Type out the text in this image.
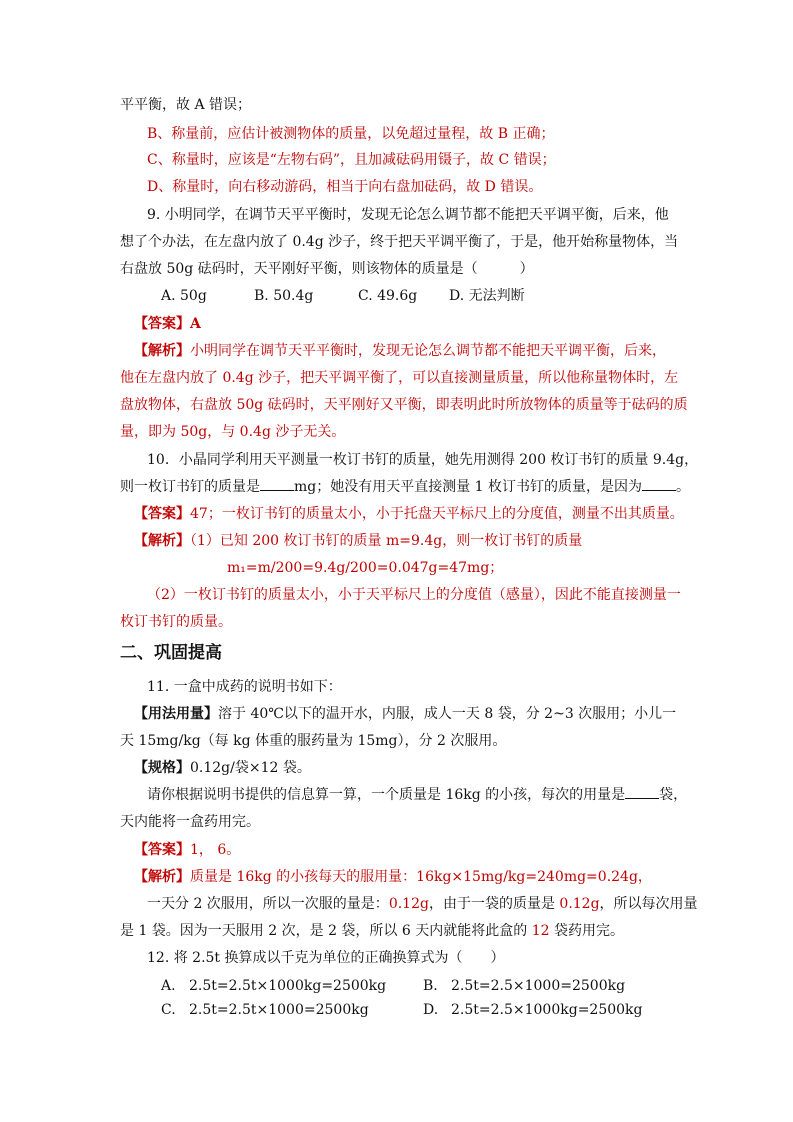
平平衡，故 A 错误；
B、称量前，应估计被测物体的质量，以免超过量程，故 B 正确；
C、称量时，应该是“左物右码”，且加减砝码用镊子，故 C 错误；
D、称量时，向右移动游码，相当于向右盘加砝码，故 D 错误。
9. 小明同学，在调节天平平衡时，发现无论怎么调节都不能把天平调平衡，后来，他
想了个办法，在左盘内放了 0.4g 沙子，终于把天平调平衡了，于是，他开始称量物体，当
右盘放 50g 砝码时，天平刚好平衡，则该物体的质量是（　　　）
A. 50g	B. 50.4g	C. 49.6g D. 无法判断
【答案】A
【解析】小明同学在调节天平平衡时，发现无论怎么调节都不能把天平调平衡，后来，
他在左盘内放了 0.4g 沙子，把天平调平衡了，可以直接测量质量，所以他称量物体时，左
盘放物体，右盘放 50g 砝码时，天平刚好又平衡，即表明此时所放物体的质量等于砝码的质
量，即为 50g，与 0.4g 沙子无关。
10．小晶同学利用天平测量一枚订书钉的质量，她先用测得 200 枚订书钉的质量 9.4g，
则一枚订书钉的质量是 mg；她没有用天平直接测量 1 枚订书钉的质量，是因为 。
【答案】47；一枚订书钉的质量太小，小于托盘天平标尺上的分度值，测量不出其质量。
【解析】（1）已知 200 枚订书钉的质量 m=9.4g，则一枚订书钉的质量
m₁=m/200=9.4g/200=0.047g=47mg；
（2）一枚订书钉的质量太小，小于天平标尺上的分度值（感量），因此不能直接测量一
枚订书钉的质量。
二、巩固提高
11. 一盒中成药的说明书如下：
【用法用量】溶于 40℃以下的温开水，内服，成人一天 8 袋，分 2~3 次服用；小儿一
天 15mg/kg（每 kg 体重的服药量为 15mg），分 2 次服用。
【规格】0.12g/袋×12 袋。
请你根据说明书提供的信息算一算，一个质量是 16kg 的小孩，每次的用量是 袋，
天内能将一盒药用完。
【答案】1， 6。
【解析】质量是 16kg 的小孩每天的服用量：16kg×15mg/kg=240mg=0.24g，
一天分 2 次服用，所以一次服的量是：0.12g，由于一袋的质量是 0.12g，所以每次用量
是 1 袋。因为一天服用 2 次，是 2 袋，所以 6 天内就能将此盒的 12 袋药用完。
12. 将 2.5t 换算成以千克为单位的正确换算式为（　　）
A. 2.5t=2.5t×1000kg=2500kg	B. 2.5t=2.5×1000=2500kg
C. 2.5t=2.5t×1000=2500kg	D. 2.5t=2.5×1000kg=2500kg
